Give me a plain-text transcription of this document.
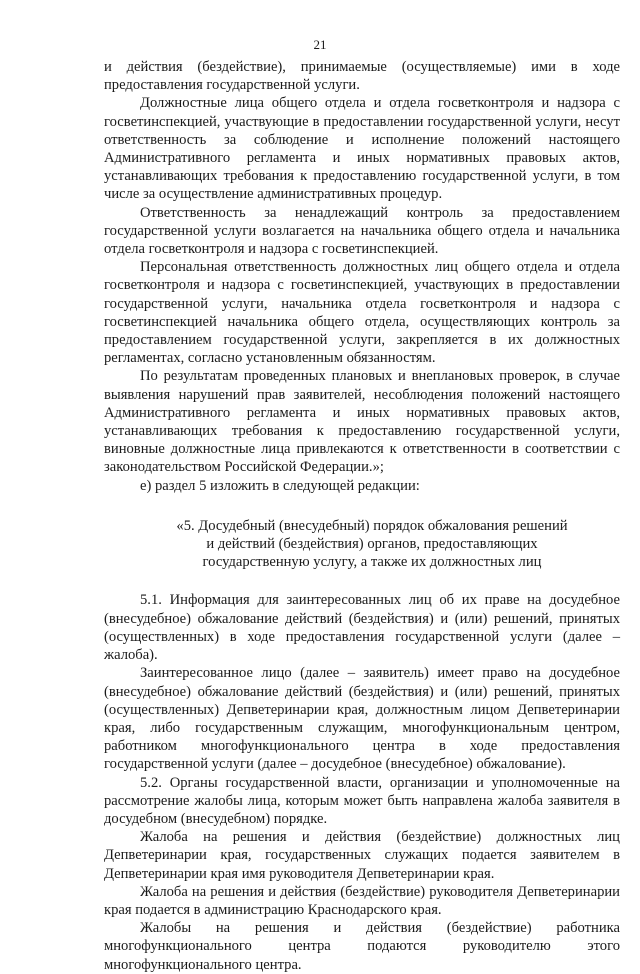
21

и действия (бездействие), принимаемые (осуществляемые) ими в ходе предоставления государственной услуги.

Должностные лица общего отдела и отдела госветконтроля и надзора с госветинспекцией, участвующие в предоставлении государственной услуги, несут ответственность за соблюдение и исполнение положений настоящего Административного регламента и иных нормативных правовых актов, устанавливающих требования к предоставлению государственной услуги, в том числе за осуществление административных процедур.

Ответственность за ненадлежащий контроль за предоставлением государственной услуги возлагается на начальника общего отдела и начальника отдела госветконтроля и надзора с госветинспекцией.

Персональная ответственность должностных лиц общего отдела и отдела госветконтроля и надзора с госветинспекцией, участвующих в предоставлении государственной услуги, начальника отдела госветконтроля и надзора с госветинспекцией начальника общего отдела, осуществляющих контроль за предоставлением государственной услуги, закрепляется в их должностных регламентах, согласно установленным обязанностям.

По результатам проведенных плановых и внеплановых проверок, в случае выявления нарушений прав заявителей, несоблюдения положений настоящего Административного регламента и иных нормативных правовых актов, устанавливающих требования к предоставлению государственной услуги, виновные должностные лица привлекаются к ответственности в соответствии с законодательством Российской Федерации.»;

е) раздел 5 изложить в следующей редакции:

«5. Досудебный (внесудебный) порядок обжалования решений
и действий (бездействия) органов, предоставляющих
государственную услугу, а также их должностных лиц

5.1. Информация для заинтересованных лиц об их праве на досудебное (внесудебное) обжалование действий (бездействия) и (или) решений, принятых (осуществленных) в ходе предоставления государственной услуги (далее – жалоба).

Заинтересованное лицо (далее – заявитель) имеет право на досудебное (внесудебное) обжалование действий (бездействия) и (или) решений, принятых (осуществленных) Депветеринарии края, должностным лицом Депветеринарии края, либо государственным служащим, многофункциональным центром, работником многофункционального центра в ходе предоставления государственной услуги (далее – досудебное (внесудебное) обжалование).

5.2. Органы государственной власти, организации и уполномоченные на рассмотрение жалобы лица, которым может быть направлена жалоба заявителя в досудебном (внесудебном) порядке.

Жалоба на решения и действия (бездействие) должностных лиц Депветеринарии края, государственных служащих подается заявителем в Депветеринарии края имя руководителя Депветеринарии края.

Жалоба на решения и действия (бездействие) руководителя Депветеринарии края подается в администрацию Краснодарского края.

Жалобы на решения и действия (бездействие) работника многофункционального центра подаются руководителю этого многофункционального центра.
